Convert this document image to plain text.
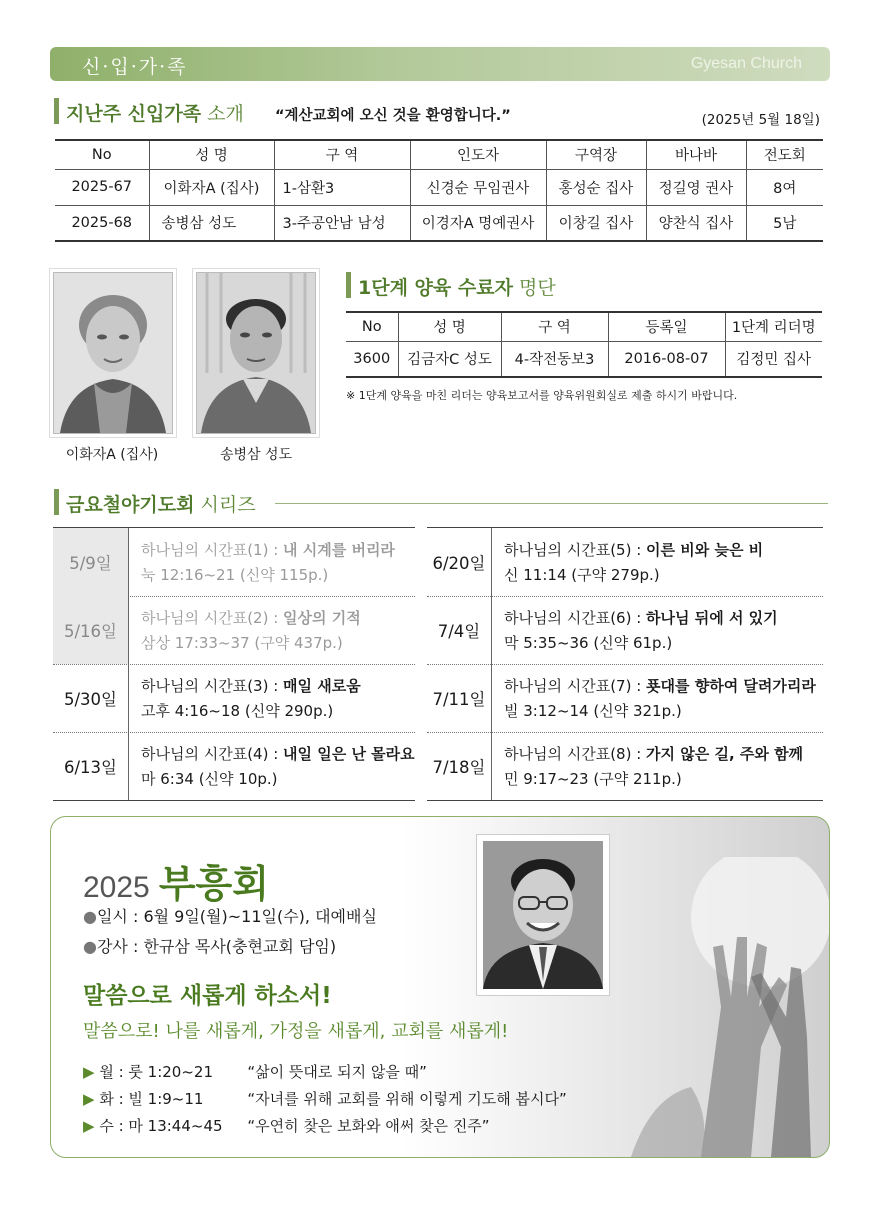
신·입·가·족	Gyesan Church
지난주 신입가족 소개 “계산교회에 오신 것을 환영합니다.”	(2025년 5월 18일)
No	성 명	구 역	인도자	구역장	바나바	전도회
2025-67	이화자A (집사)	1-삼환3	신경순 무임권사	홍성순 집사	정길영 권사	8여
2025-68	송병삼 성도	3-주공안남 남성	이경자A 명예권사	이창길 집사	양찬식 집사	5남
이화자A (집사)	송병삼 성도
1단계 양육 수료자 명단
No	성 명	구 역	등록일	1단계 리더명
3600	김금자C 성도	4-작전동보3	2016-08-07	김정민 집사
※ 1단계 양육을 마친 리더는 양육보고서를 양육위원회실로 제출 하시기 바랍니다.
금요철야기도회 시리즈
5/9일
하나님의 시간표(1) : 내 시계를 버리라
눅 12:16~21 (신약 115p.)
5/16일
하나님의 시간표(2) : 일상의 기적
삼상 17:33~37 (구약 437p.)
5/30일
하나님의 시간표(3) : 매일 새로움
고후 4:16~18 (신약 290p.)
6/13일
하나님의 시간표(4) : 내일 일은 난 몰라요
마 6:34 (신약 10p.)
6/20일
하나님의 시간표(5) : 이른 비와 늦은 비
신 11:14 (구약 279p.)
7/4일
하나님의 시간표(6) : 하나님 뒤에 서 있기
막 5:35~36 (신약 61p.)
7/11일
하나님의 시간표(7) : 푯대를 향하여 달려가리라
빌 3:12~14 (신약 321p.)
7/18일
하나님의 시간표(8) : 가지 않은 길, 주와 함께
민 9:17~23 (구약 211p.)
2025 부흥회
●일시 : 6월 9일(월)~11일(수), 대예배실
●강사 : 한규삼 목사(충현교회 담임)
말씀으로 새롭게 하소서!
말씀으로! 나를 새롭게, 가정을 새롭게, 교회를 새롭게!
▶ 월 : 룻 1:20~21 “삶이 뜻대로 되지 않을 때”
▶ 화 : 빌 1:9~11	“자녀를 위해 교회를 위해 이렇게 기도해 봅시다”
▶ 수 : 마 13:44~45 “우연히 찾은 보화와 애써 찾은 진주”
